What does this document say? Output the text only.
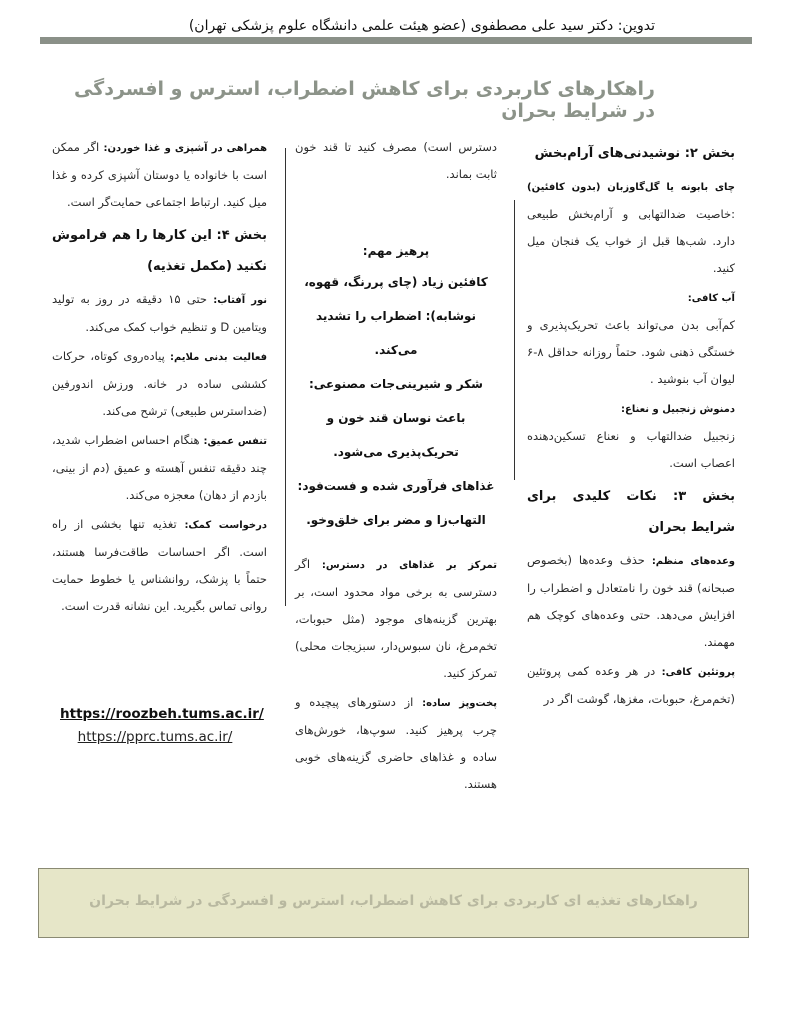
تدوین: دکتر سید علی مصطفوی (عضو هیئت علمی دانشگاه علوم پزشکی تهران)
راهکارهای کاربردی برای کاهش اضطراب، استرس و افسردگی در شرایط بحران
بخش ۲: نوشیدنی‌های آرام‌بخش

چای بابونه یا گل‌گاوزبان (بدون کافئین) :خاصیت ضدالتهابی و آرام‌بخش طبیعی دارد. شب‌ها قبل از خواب یک فنجان میل کنید.

آب کافی:
کم‌آبی بدن می‌تواند باعث تحریک‌پذیری و خستگی ذهنی شود. حتماً روزانه حداقل ۸-۶ لیوان آب بنوشید .

دمنوش زنجبیل و نعناع:
زنجبیل ضدالتهاب و نعناع تسکین‌دهنده اعصاب است.

بخش ۳: نکات کلیدی برای شرایط بحران

وعده‌های منظم: حذف وعده‌ها (بخصوص صبحانه) قند خون را نامتعادل و اضطراب را افزایش می‌دهد. حتی وعده‌های کوچک هم مهمند.

پروتئین کافی: در هر وعده کمی پروتئین (تخم‌مرغ، حبوبات، مغزها، گوشت اگر در

دسترس است) مصرف کنید تا قند خون ثابت بماند.

پرهیز مهم:
کافئین زیاد (چای پررنگ، قهوه، نوشابه): اضطراب را تشدید می‌کند.
شکر و شیرینی‌جات مصنوعی: باعث نوسان قند خون و تحریک‌پذیری می‌شود.
غذاهای فرآوری شده و فست‌فود: التهاب‌زا و مضر برای خلق‌وخو.

تمرکز بر غذاهای در دسترس: اگر دسترسی به برخی مواد محدود است، بر بهترین گزینه‌های موجود (مثل حبوبات، تخم‌مرغ، نان سبوس‌دار، سبزیجات محلی) تمرکز کنید.

پخت‌وپز ساده: از دستورهای پیچیده و چرب پرهیز کنید. سوپ‌ها، خورش‌های ساده و غذاهای حاضری گزینه‌های خوبی هستند.

همراهی در آشپزی و غذا خوردن: اگر ممکن است با خانواده یا دوستان آشپزی کرده و غذا میل کنید. ارتباط اجتماعی حمایت‌گر است.

بخش ۴: این کارها را هم فراموش نکنید (مکمل تغذیه)

نور آفتاب: حتی ۱۵ دقیقه در روز به تولید ویتامین D و تنظیم خواب کمک می‌کند.

فعالیت بدنی ملایم: پیاده‌روی کوتاه، حرکات کششی ساده در خانه. ورزش اندورفین (ضداسترس طبیعی) ترشح می‌کند.

تنفس عمیق: هنگام احساس اضطراب شدید، چند دقیقه تنفس آهسته و عمیق (دم از بینی، بازدم از دهان) معجزه می‌کند.

درخواست کمک: تغذیه تنها بخشی از راه است. اگر احساسات طاقت‌فرسا هستند، حتماً با پزشک، روانشناس یا خطوط حمایت روانی تماس بگیرید. این نشانه قدرت است.

https://roozbeh.tums.ac.ir/
https://pprc.tums.ac.ir/
راهکارهای تغذیه ای کاربردی برای کاهش اضطراب، استرس و افسردگی در شرایط بحران
